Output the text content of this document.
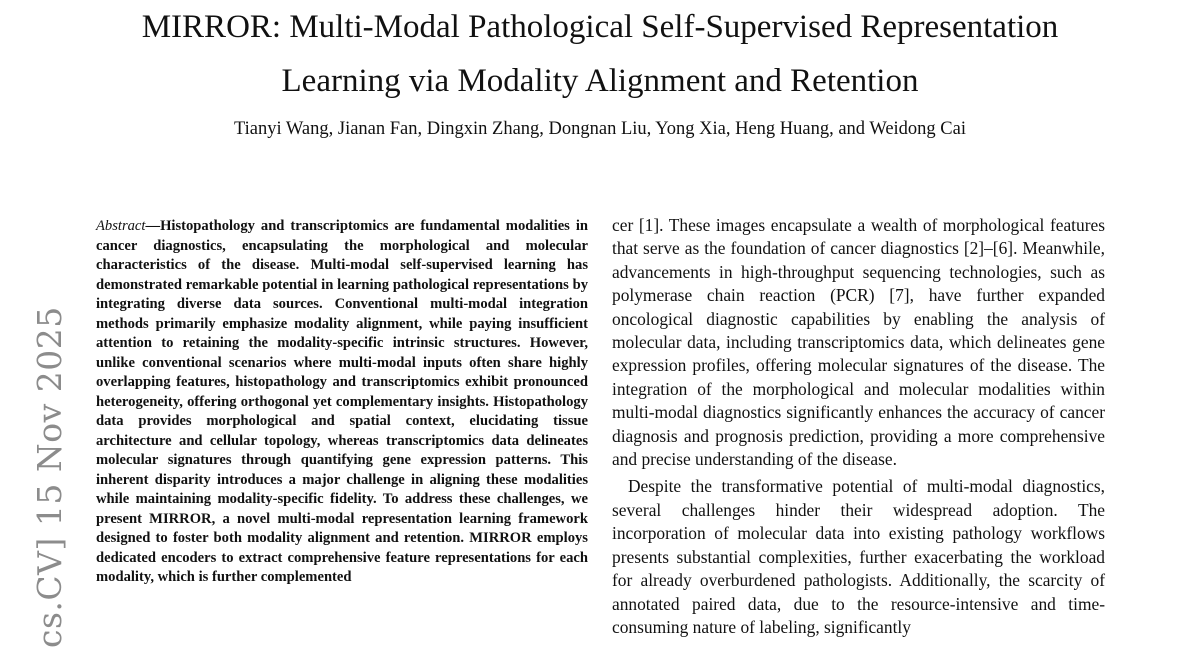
MIRROR: Multi-Modal Pathological Self-Supervised Representation
Learning via Modality Alignment and Retention
Tianyi Wang, Jianan Fan, Dingxin Zhang, Dongnan Liu, Yong Xia, Heng Huang, and Weidong Cai
cs.CV] 15 Nov 2025
Abstract—Histopathology and transcriptomics are fundamental modalities in cancer diagnostics, encapsulating the morphological and molecular characteristics of the disease. Multi-modal self-supervised learning has demonstrated remarkable potential in learning pathological representations by integrating diverse data sources. Conventional multi-modal integration methods primarily emphasize modality alignment, while paying insufficient attention to retaining the modality-specific intrinsic structures. However, unlike conventional scenarios where multi-modal inputs often share highly overlapping features, histopathology and transcriptomics exhibit pronounced heterogeneity, offering orthogonal yet complementary insights. Histopathology data provides morphological and spatial context, elucidating tissue architecture and cellular topology, whereas transcriptomics data delineates molecular signatures through quantifying gene expression patterns. This inherent disparity introduces a major challenge in aligning these modalities while maintaining modality-specific fidelity. To address these challenges, we present MIRROR, a novel multi-modal representation learning framework designed to foster both modality alignment and retention. MIRROR employs dedicated encoders to extract comprehensive feature representations for each modality, which is further complemented

cer [1]. These images encapsulate a wealth of morphological features that serve as the foundation of cancer diagnostics [2]–[6]. Meanwhile, advancements in high-throughput sequencing technologies, such as polymerase chain reaction (PCR) [7], have further expanded oncological diagnostic capabilities by enabling the analysis of molecular data, including transcriptomics data, which delineates gene expression profiles, offering molecular signatures of the disease. The integration of the morphological and molecular modalities within multi-modal diagnostics significantly enhances the accuracy of cancer diagnosis and prognosis prediction, providing a more comprehensive and precise understanding of the disease.

Despite the transformative potential of multi-modal diagnostics, several challenges hinder their widespread adoption. The incorporation of molecular data into existing pathology workflows presents substantial complexities, further exacerbating the workload for already overburdened pathologists. Additionally, the scarcity of annotated paired data, due to the resource-intensive and time-consuming nature of labeling, significantly
